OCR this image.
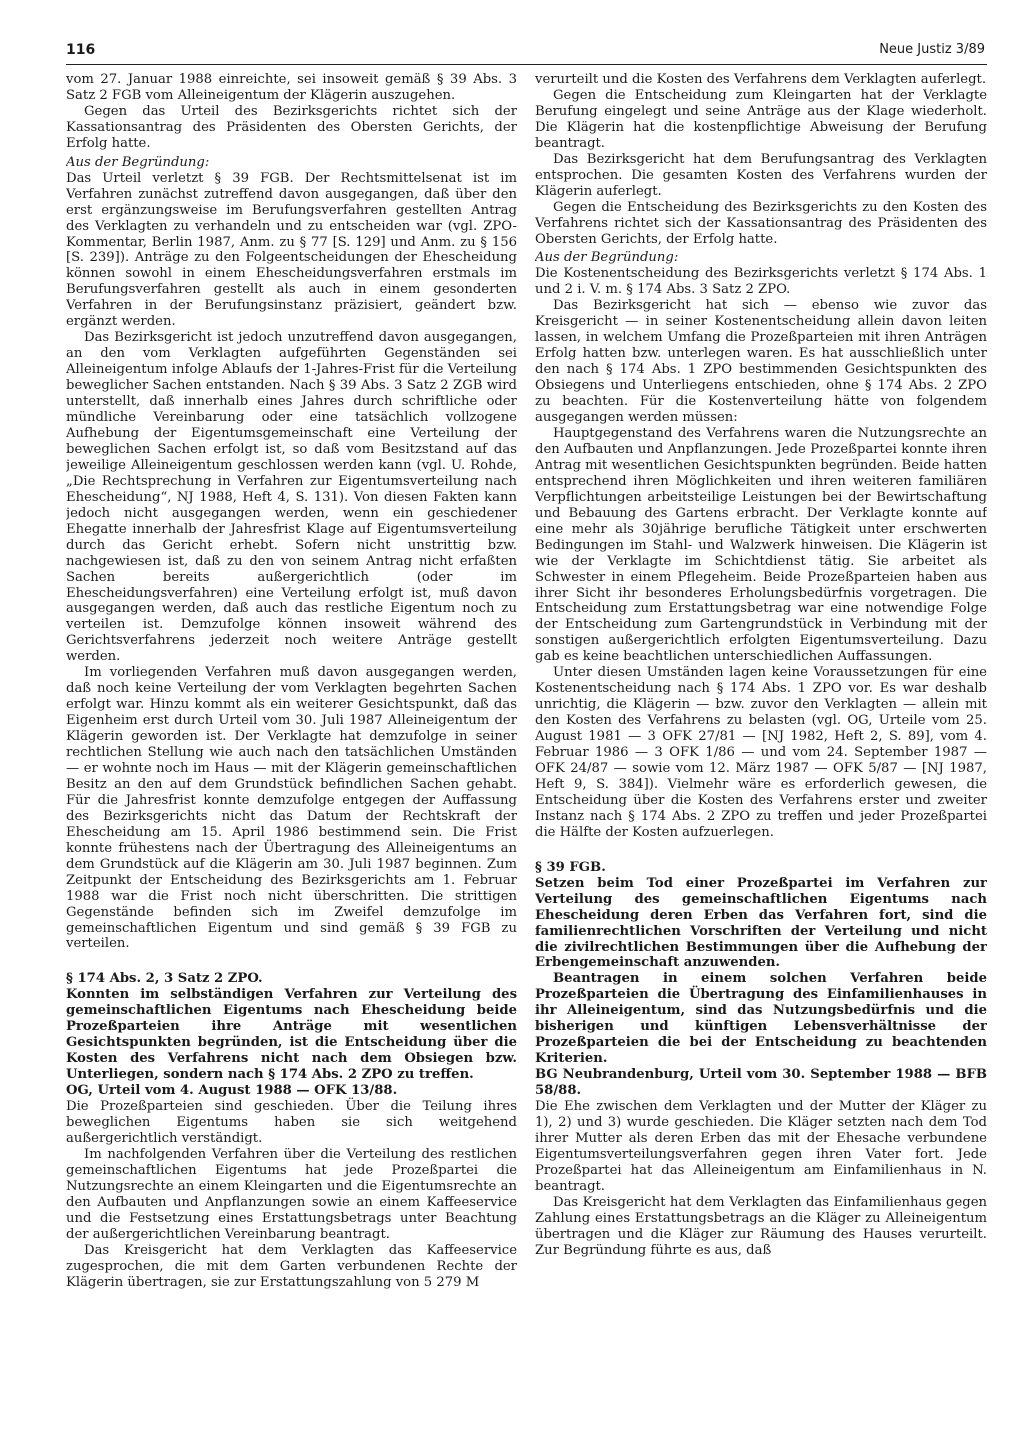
116	Neue Justiz 3/89

vom 27. Januar 1988 einreichte, sei insoweit gemäß § 39 Abs. 3 Satz 2 FGB vom Alleineigentum der Klägerin auszugehen.

Gegen das Urteil des Bezirksgerichts richtet sich der Kassationsantrag des Präsidenten des Obersten Gerichts, der Erfolg hatte.

Aus der Begründung:

Das Urteil verletzt § 39 FGB. Der Rechtsmittelsenat ist im Verfahren zunächst zutreffend davon ausgegangen, daß über den erst ergänzungsweise im Berufungsverfahren gestellten Antrag des Verklagten zu verhandeln und zu entscheiden war (vgl. ZPO-Kommentar, Berlin 1987, Anm. zu § 77 [S. 129] und Anm. zu § 156 [S. 239]). Anträge zu den Folgeentscheidungen der Ehescheidung können sowohl in einem Ehescheidungsverfahren erstmals im Berufungsverfahren gestellt als auch in einem gesonderten Verfahren in der Berufungsinstanz präzisiert, geändert bzw. ergänzt werden.

Das Bezirksgericht ist jedoch unzutreffend davon ausgegangen, an den vom Verklagten aufgeführten Gegenständen sei Alleineigentum infolge Ablaufs der 1-Jahres-Frist für die Verteilung beweglicher Sachen entstanden. Nach § 39 Abs. 3 Satz 2 ZGB wird unterstellt, daß innerhalb eines Jahres durch schriftliche oder mündliche Vereinbarung oder eine tatsächlich vollzogene Aufhebung der Eigentumsgemeinschaft eine Verteilung der beweglichen Sachen erfolgt ist, so daß vom Besitzstand auf das jeweilige Alleineigentum geschlossen werden kann (vgl. U. Rohde, „Die Rechtsprechung in Verfahren zur Eigentumsverteilung nach Ehescheidung“, NJ 1988, Heft 4, S. 131). Von diesen Fakten kann jedoch nicht ausgegangen werden, wenn ein geschiedener Ehegatte innerhalb der Jahresfrist Klage auf Eigentumsverteilung durch das Gericht erhebt. Sofern nicht unstrittig bzw. nachgewiesen ist, daß zu den von seinem Antrag nicht erfaßten Sachen bereits außergerichtlich (oder im Ehescheidungsverfahren) eine Verteilung erfolgt ist, muß davon ausgegangen werden, daß auch das restliche Eigentum noch zu verteilen ist. Demzufolge können insoweit während des Gerichtsverfahrens jederzeit noch weitere Anträge gestellt werden.

Im vorliegenden Verfahren muß davon ausgegangen werden, daß noch keine Verteilung der vom Verklagten begehrten Sachen erfolgt war. Hinzu kommt als ein weiterer Gesichtspunkt, daß das Eigenheim erst durch Urteil vom 30. Juli 1987 Alleineigentum der Klägerin geworden ist. Der Verklagte hat demzufolge in seiner rechtlichen Stellung wie auch nach den tatsächlichen Umständen — er wohnte noch im Haus — mit der Klägerin gemeinschaftlichen Besitz an den auf dem Grundstück befindlichen Sachen gehabt. Für die Jahresfrist konnte demzufolge entgegen der Auffassung des Bezirksgerichts nicht das Datum der Rechtskraft der Ehescheidung am 15. April 1986 bestimmend sein. Die Frist konnte frühestens nach der Übertragung des Alleineigentums an dem Grundstück auf die Klägerin am 30. Juli 1987 beginnen. Zum Zeitpunkt der Entscheidung des Bezirksgerichts am 1. Februar 1988 war die Frist noch nicht überschritten. Die strittigen Gegenstände befinden sich im Zweifel demzufolge im gemeinschaftlichen Eigentum und sind gemäß § 39 FGB zu verteilen.

§ 174 Abs. 2, 3 Satz 2 ZPO.

Konnten im selbständigen Verfahren zur Verteilung des gemeinschaftlichen Eigentums nach Ehescheidung beide Prozeßparteien ihre Anträge mit wesentlichen Gesichtspunkten begründen, ist die Entscheidung über die Kosten des Verfahrens nicht nach dem Obsiegen bzw. Unterliegen, sondern nach § 174 Abs. 2 ZPO zu treffen.

OG, Urteil vom 4. August 1988 — OFK 13/88.

Die Prozeßparteien sind geschieden. Über die Teilung ihres beweglichen Eigentums haben sie sich weitgehend außergerichtlich verständigt.

Im nachfolgenden Verfahren über die Verteilung des restlichen gemeinschaftlichen Eigentums hat jede Prozeßpartei die Nutzungsrechte an einem Kleingarten und die Eigentumsrechte an den Aufbauten und Anpflanzungen sowie an einem Kaffeeservice und die Festsetzung eines Erstattungsbetrags unter Beachtung der außergerichtlichen Vereinbarung beantragt.

Das Kreisgericht hat dem Verklagten das Kaffeeservice zugesprochen, die mit dem Garten verbundenen Rechte der Klägerin übertragen, sie zur Erstattungszahlung von 5 279 M

verurteilt und die Kosten des Verfahrens dem Verklagten auferlegt.

Gegen die Entscheidung zum Kleingarten hat der Verklagte Berufung eingelegt und seine Anträge aus der Klage wiederholt. Die Klägerin hat die kostenpflichtige Abweisung der Berufung beantragt.

Das Bezirksgericht hat dem Berufungsantrag des Verklagten entsprochen. Die gesamten Kosten des Verfahrens wurden der Klägerin auferlegt.

Gegen die Entscheidung des Bezirksgerichts zu den Kosten des Verfahrens richtet sich der Kassationsantrag des Präsidenten des Obersten Gerichts, der Erfolg hatte.

Aus der Begründung:

Die Kostenentscheidung des Bezirksgerichts verletzt § 174 Abs. 1 und 2 i. V. m. § 174 Abs. 3 Satz 2 ZPO.

Das Bezirksgericht hat sich — ebenso wie zuvor das Kreisgericht — in seiner Kostenentscheidung allein davon leiten lassen, in welchem Umfang die Prozeßparteien mit ihren Anträgen Erfolg hatten bzw. unterlegen waren. Es hat ausschließlich unter den nach § 174 Abs. 1 ZPO bestimmenden Gesichtspunkten des Obsiegens und Unterliegens entschieden, ohne § 174 Abs. 2 ZPO zu beachten. Für die Kostenverteilung hätte von folgendem ausgegangen werden müssen:

Hauptgegenstand des Verfahrens waren die Nutzungsrechte an den Aufbauten und Anpflanzungen. Jede Prozeßpartei konnte ihren Antrag mit wesentlichen Gesichtspunkten begründen. Beide hatten entsprechend ihren Möglichkeiten und ihren weiteren familiären Verpflichtungen arbeitsteilige Leistungen bei der Bewirtschaftung und Bebauung des Gartens erbracht. Der Verklagte konnte auf eine mehr als 30jährige berufliche Tätigkeit unter erschwerten Bedingungen im Stahl- und Walzwerk hinweisen. Die Klägerin ist wie der Verklagte im Schichtdienst tätig. Sie arbeitet als Schwester in einem Pflegeheim. Beide Prozeßparteien haben aus ihrer Sicht ihr besonderes Erholungsbedürfnis vorgetragen. Die Entscheidung zum Erstattungsbetrag war eine notwendige Folge der Entscheidung zum Gartengrundstück in Verbindung mit der sonstigen außergerichtlich erfolgten Eigentumsverteilung. Dazu gab es keine beachtlichen unterschiedlichen Auffassungen.

Unter diesen Umständen lagen keine Voraussetzungen für eine Kostenentscheidung nach § 174 Abs. 1 ZPO vor. Es war deshalb unrichtig, die Klägerin — bzw. zuvor den Verklagten — allein mit den Kosten des Verfahrens zu belasten (vgl. OG, Urteile vom 25. August 1981 — 3 OFK 27/81 — [NJ 1982, Heft 2, S. 89], vom 4. Februar 1986 — 3 OFK 1/86 — und vom 24. September 1987 — OFK 24/87 — sowie vom 12. März 1987 — OFK 5/87 — [NJ 1987, Heft 9, S. 384]). Vielmehr wäre es erforderlich gewesen, die Entscheidung über die Kosten des Verfahrens erster und zweiter Instanz nach § 174 Abs. 2 ZPO zu treffen und jeder Prozeßpartei die Hälfte der Kosten aufzuerlegen.

§ 39 FGB.

Setzen beim Tod einer Prozeßpartei im Verfahren zur Verteilung des gemeinschaftlichen Eigentums nach Ehescheidung deren Erben das Verfahren fort, sind die familienrechtlichen Vorschriften der Verteilung und nicht die zivilrechtlichen Bestimmungen über die Aufhebung der Erbengemeinschaft anzuwenden.

Beantragen in einem solchen Verfahren beide Prozeßparteien die Übertragung des Einfamilienhauses in ihr Alleineigentum, sind das Nutzungsbedürfnis und die bisherigen und künftigen Lebensverhältnisse der Prozeßparteien die bei der Entscheidung zu beachtenden Kriterien.

BG Neubrandenburg, Urteil vom 30. September 1988 — BFB 58/88.

Die Ehe zwischen dem Verklagten und der Mutter der Kläger zu 1), 2) und 3) wurde geschieden. Die Kläger setzten nach dem Tod ihrer Mutter als deren Erben das mit der Ehesache verbundene Eigentumsverteilungsverfahren gegen ihren Vater fort. Jede Prozeßpartei hat das Alleineigentum am Einfamilienhaus in N. beantragt.

Das Kreisgericht hat dem Verklagten das Einfamilienhaus gegen Zahlung eines Erstattungsbetrags an die Kläger zu Alleineigentum übertragen und die Kläger zur Räumung des Hauses verurteilt. Zur Begründung führte es aus, daß
